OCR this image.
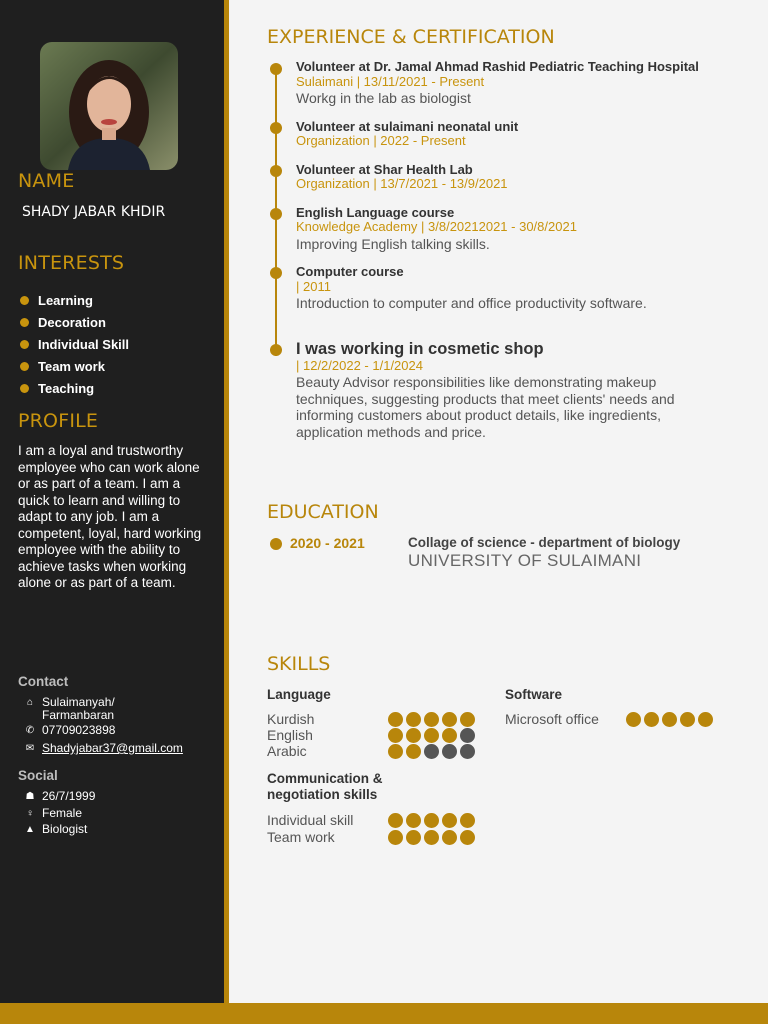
NAME
SHADY JABAR KHDIR
INTERESTS
Learning
Decoration
Individual Skill
Team work
Teaching
PROFILE
I am a loyal and trustworthy employee who can work alone or as part of a team. I am a quick to learn and willing to adapt to any job. I am a competent, loyal, hard working employee with the ability to achieve tasks when working alone or as part of a team.
Contact
⌂ Sulaimanyah/
Farmanbaran
✆ 07709023898
✉ Shadyjabar37@gmail.com
Social
☗ 26/7/1999
♀ Female
▲ Biologist
EXPERIENCE & CERTIFICATION
Volunteer at Dr. Jamal Ahmad Rashid Pediatric Teaching Hospital
Sulaimani | 13/11/2021 - Present
Workg in the lab as biologist
Volunteer at sulaimani neonatal unit
Organization | 2022 - Present
Volunteer at Shar Health Lab
Organization | 13/7/2021 - 13/9/2021
English Language course
Knowledge Academy | 3/8/20212021 - 30/8/2021
Improving English talking skills.
Computer course
| 2011
Introduction to computer and office productivity software.
I was working in cosmetic shop
| 12/2/2022 - 1/1/2024
Beauty Advisor responsibilities like demonstrating makeup techniques, suggesting products that meet clients' needs and informing customers about product details, like ingredients, application methods and price.
EDUCATION
2020 - 2021	Collage of science - department of biology
UNIVERSITY OF SULAIMANI
SKILLS
Language
Kurdish
English
Arabic
Software
Microsoft office
Communication &
negotiation skills
Individual skill
Team work
